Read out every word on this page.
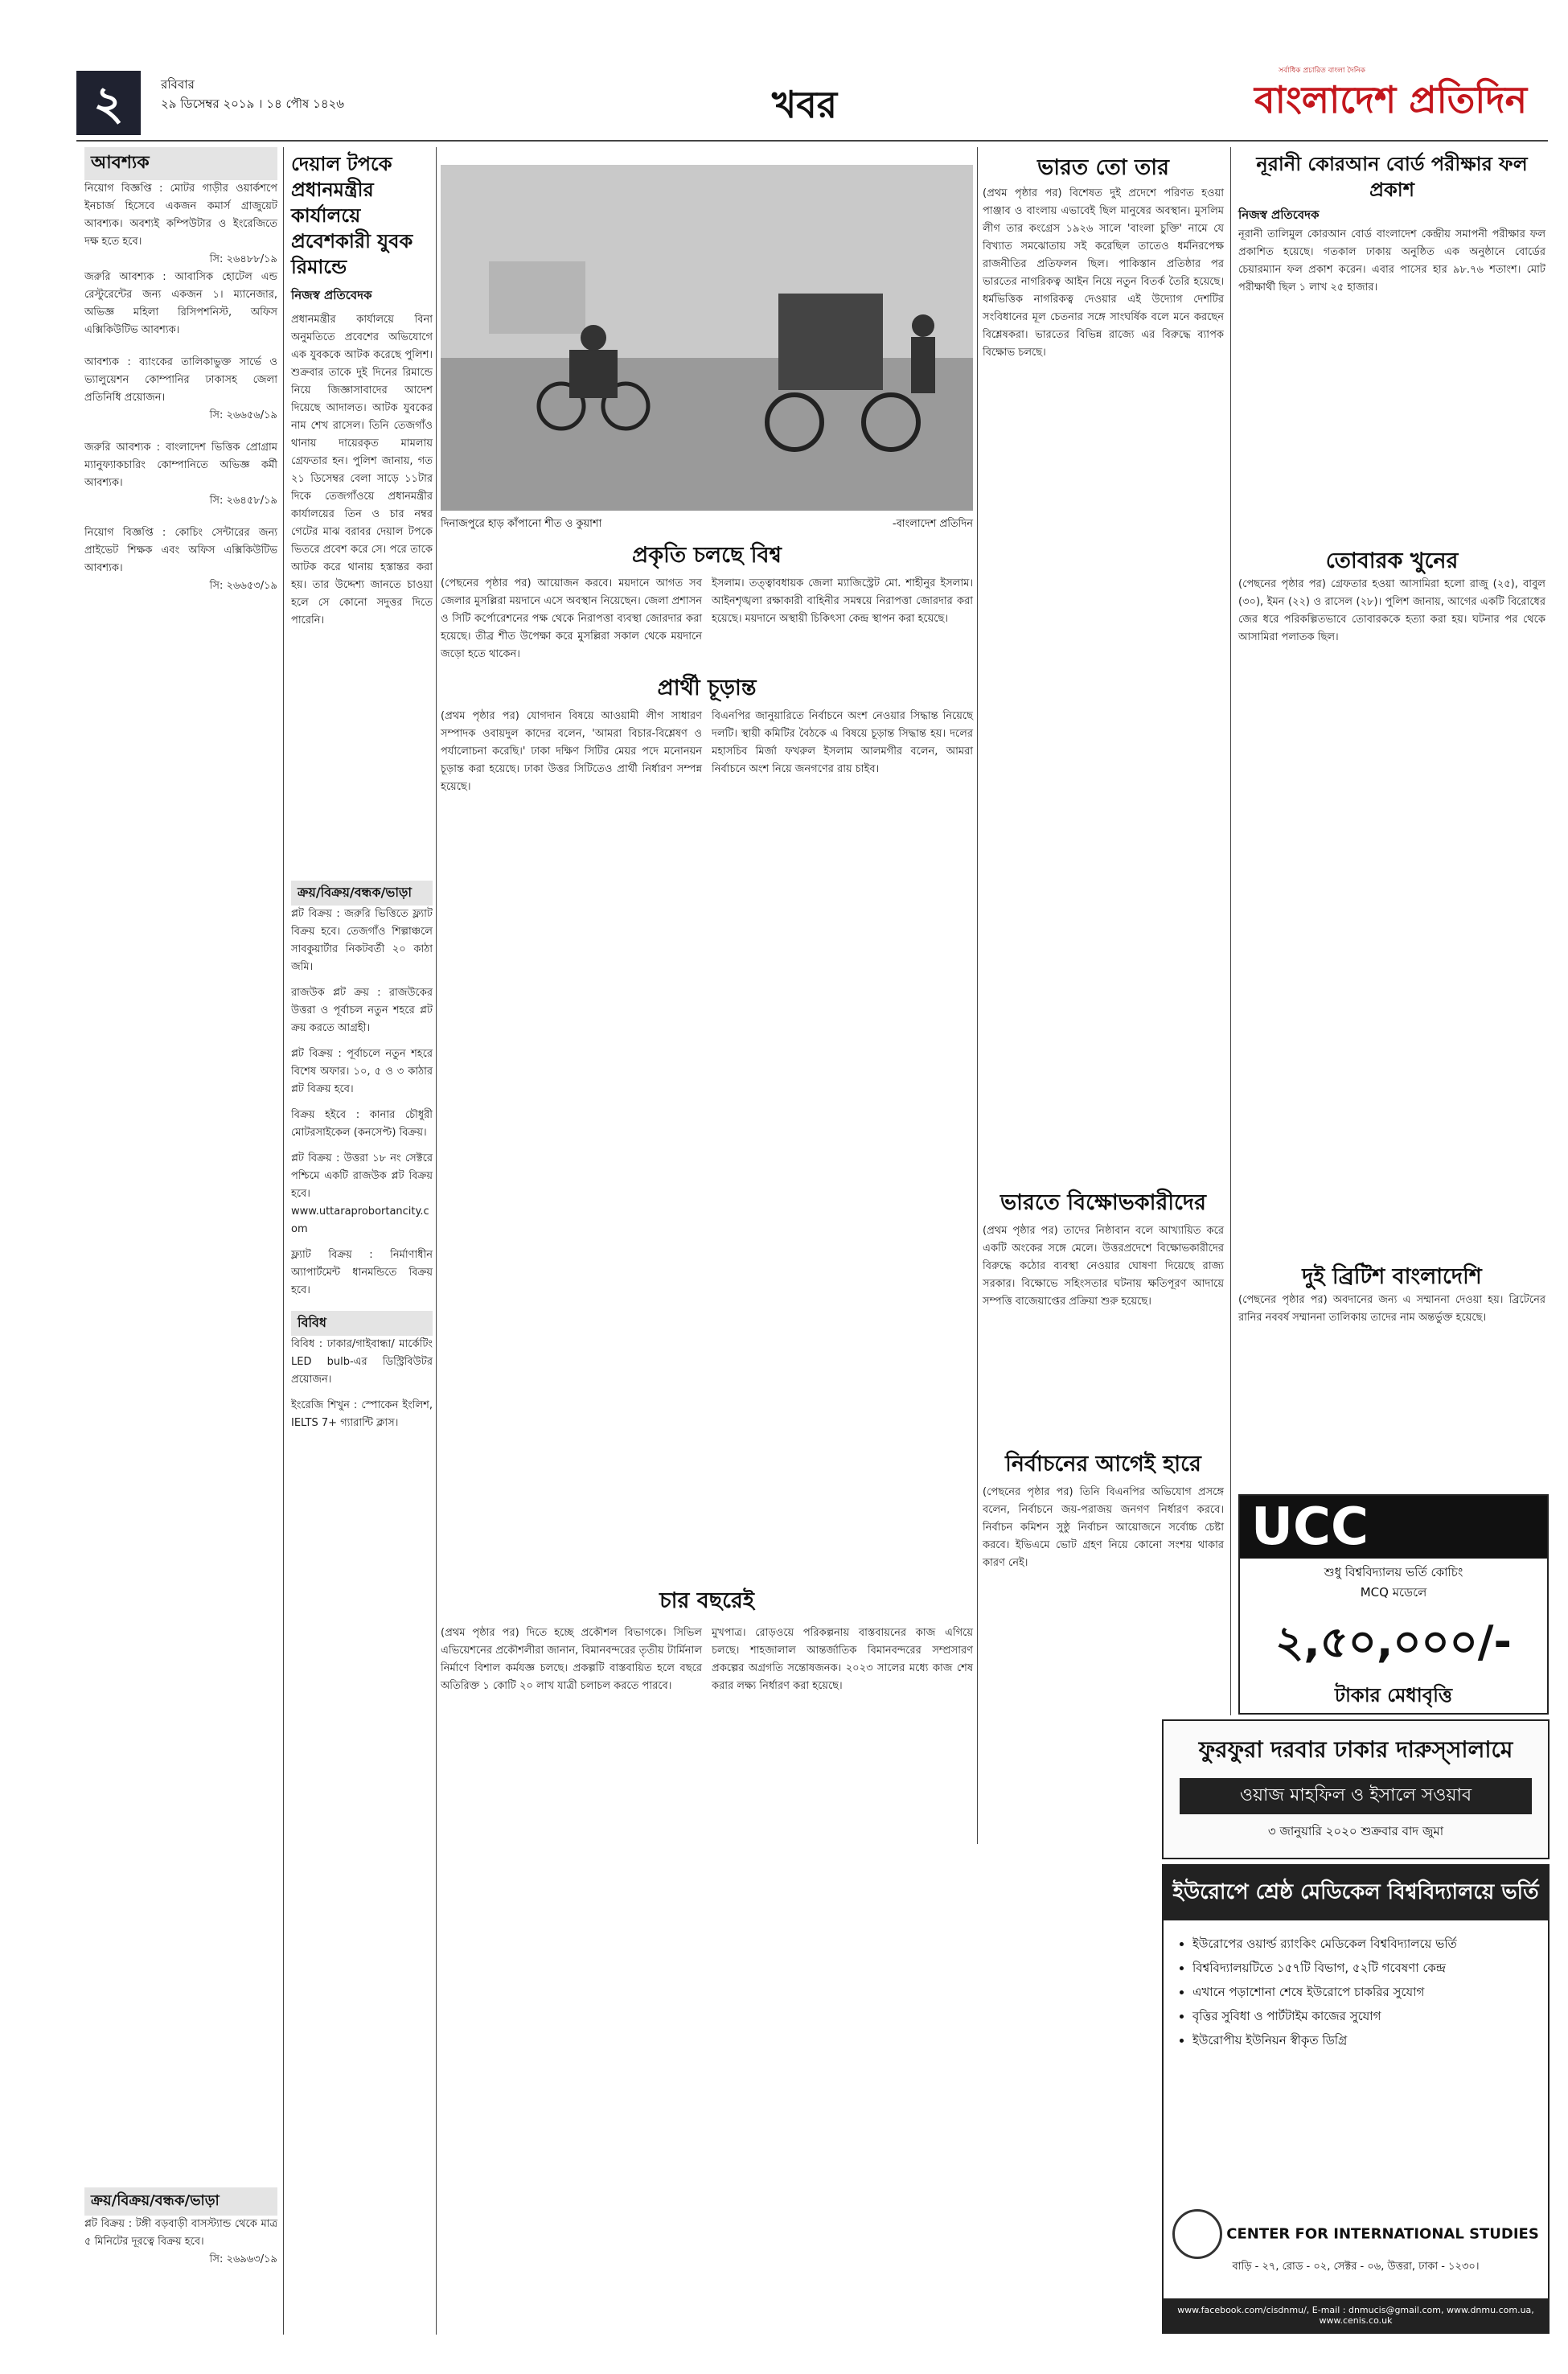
২	রবিবার
২৯ ডিসেম্বর ২০১৯ । ১৪ পৌষ ১৪২৬	খবর
সর্বাধিক প্রচারিত বাংলা দৈনিক
বাংলাদেশ প্রতিদিন
আবশ্যক

নিয়োগ বিজ্ঞপ্তি : মোটর গাড়ীর ওয়ার্কশপে ইনচার্জ হিসেবে একজন কমার্স গ্রাজুয়েট আবশ্যক। অবশ্যই কম্পিউটার ও ইংরেজিতে দক্ষ হতে হবে।

সি: ২৬৪৮৮/১৯
জরুরি আবশ্যক : আবাসিক হোটেল এন্ড রেস্টুরেন্টের জন্য একজন ১। ম্যানেজার, অভিজ্ঞ মহিলা রিসিপশনিস্ট, অফিস এক্সিকিউটিভ আবশ্যক।
আবশ্যক : ব্যাংকের তালিকাভুক্ত সার্ভে ও ভ্যালুয়েশন কোম্পানির ঢাকাসহ জেলা প্রতিনিধি প্রয়োজন।
সি: ২৬৬৫৬/১৯
জরুরি আবশ্যক : বাংলাদেশ ভিত্তিক প্রোগ্রাম ম্যানুফ্যাকচারিং কোম্পানিতে অভিজ্ঞ কর্মী আবশ্যক।
সি: ২৬৪৫৮/১৯
নিয়োগ বিজ্ঞপ্তি : কোচিং সেন্টারের জন্য প্রাইভেট শিক্ষক এবং অফিস এক্সিকিউটিভ আবশ্যক।
সি: ২৬৬৫৩/১৯
ক্রয়/বিক্রয়/বন্ধক/ভাড়া
প্লট বিক্রয় : টঙ্গী বড়বাড়ী বাসস্ট্যান্ড থেকে মাত্র ৫ মিনিটের দূরত্বে বিক্রয় হবে।
সি: ২৬৯৬৩/১৯
দেয়াল টপকে প্রধানমন্ত্রীর কার্যালয়ে প্রবেশকারী যুবক রিমান্ডে
নিজস্ব প্রতিবেদক
প্রধানমন্ত্রীর কার্যালয়ে বিনা অনুমতিতে প্রবেশের অভিযোগে এক যুবককে আটক করেছে পুলিশ। শুক্রবার তাকে দুই দিনের রিমান্ডে নিয়ে জিজ্ঞাসাবাদের আদেশ দিয়েছে আদালত। আটক যুবকের নাম শেখ রাসেল। তিনি তেজগাঁও থানায় দায়েরকৃত মামলায় গ্রেফতার হন। পুলিশ জানায়, গত ২১ ডিসেম্বর বেলা সাড়ে ১১টার দিকে তেজগাঁওয়ে প্রধানমন্ত্রীর কার্যালয়ের তিন ও চার নম্বর গেটের মাঝ বরাবর দেয়াল টপকে ভিতরে প্রবেশ করে সে। পরে তাকে আটক করে থানায় হস্তান্তর করা হয়। তার উদ্দেশ্য জানতে চাওয়া হলে সে কোনো সদুত্তর দিতে পারেনি।
ক্রয়/বিক্রয়/বন্ধক/ভাড়া
প্লট বিক্রয় : জরুরি ভিত্তিতে ফ্ল্যাট বিক্রয় হবে। তেজগাঁও শিল্পাঞ্চলে সাবকুয়ার্টার নিকটবর্তী ২০ কাঠা জমি।
রাজউক প্লট ক্রয় : রাজউকের উত্তরা ও পূর্বাচল নতুন শহরে প্লট ক্রয় করতে আগ্রহী।
প্লট বিক্রয় : পূর্বাচলে নতুন শহরে বিশেষ অফার। ১০, ৫ ও ৩ কাঠার প্লট বিক্রয় হবে।
বিক্রয় হইবে : কানার চৌধুরী মোটরসাইকেল (কনসেপ্ট) বিক্রয়।
প্লট বিক্রয় : উত্তরা ১৮ নং সেক্টরে পশ্চিমে একটি রাজউক প্লট বিক্রয় হবে।
www.uttaraprobortancity.com
ফ্ল্যাট বিক্রয় : নির্মাণাধীন অ্যাপার্টমেন্ট ধানমন্ডিতে বিক্রয় হবে।
বিবিধ
বিবিধ : ঢাকার/গাইবান্ধা/ মার্কেটিং LED bulb-এর ডিস্ট্রিবিউটর প্রয়োজন।
ইংরেজি শিখুন : স্পোকেন ইংলিশ, IELTS 7+ গ্যারান্টি ক্লাস।
দিনাজপুরে হাড় কাঁপানো শীত ও কুয়াশা	-বাংলাদেশ প্রতিদিন
প্রকৃতি চলছে বিশ্ব
(পেছনের পৃষ্ঠার পর) আয়োজন করবে। ময়দানে আগত সব জেলার মুসল্লিরা ময়দানে এসে অবস্থান নিয়েছেন। জেলা প্রশাসন ও সিটি কর্পোরেশনের পক্ষ থেকে নিরাপত্তা ব্যবস্থা জোরদার করা হয়েছে। তীব্র শীত উপেক্ষা করে মুসল্লিরা সকাল থেকে ময়দানে জড়ো হতে থাকেন।
ইসলাম। তত্ত্বাবধায়ক জেলা ম্যাজিস্ট্রেট মো. শাহীনুর ইসলাম। আইনশৃঙ্খলা রক্ষাকারী বাহিনীর সমন্বয়ে নিরাপত্তা জোরদার করা হয়েছে। ময়দানে অস্থায়ী চিকিৎসা কেন্দ্র স্থাপন করা হয়েছে।
প্রার্থী চূড়ান্ত
(প্রথম পৃষ্ঠার পর) যোগদান বিষয়ে আওয়ামী লীগ সাধারণ সম্পাদক ওবায়দুল কাদের বলেন, 'আমরা বিচার-বিশ্লেষণ ও পর্যালোচনা করেছি।' ঢাকা দক্ষিণ সিটির মেয়র পদে মনোনয়ন চূড়ান্ত করা হয়েছে। ঢাকা উত্তর সিটিতেও প্রার্থী নির্ধারণ সম্পন্ন হয়েছে।
বিএনপির জানুয়ারিতে নির্বাচনে অংশ নেওয়ার সিদ্ধান্ত নিয়েছে দলটি। স্থায়ী কমিটির বৈঠকে এ বিষয়ে চূড়ান্ত সিদ্ধান্ত হয়। দলের মহাসচিব মির্জা ফখরুল ইসলাম আলমগীর বলেন, আমরা নির্বাচনে অংশ নিয়ে জনগণের রায় চাইব।
চার বছরেই
(প্রথম পৃষ্ঠার পর) দিতে হচ্ছে প্রকৌশল বিভাগকে। সিভিল এভিয়েশনের প্রকৌশলীরা জানান, বিমানবন্দরের তৃতীয় টার্মিনাল নির্মাণে বিশাল কর্মযজ্ঞ চলছে। প্রকল্পটি বাস্তবায়িত হলে বছরে অতিরিক্ত ১ কোটি ২০ লাখ যাত্রী চলাচল করতে পারবে।
মুখপাত্র। রোড়ওয়ে পরিকল্পনায় বাস্তবায়নের কাজ এগিয়ে চলছে। শাহজালাল আন্তর্জাতিক বিমানবন্দরের সম্প্রসারণ প্রকল্পের অগ্রগতি সন্তোষজনক। ২০২৩ সালের মধ্যে কাজ শেষ করার লক্ষ্য নির্ধারণ করা হয়েছে।
ভারত তো তার
(প্রথম পৃষ্ঠার পর) বিশেষত দুই প্রদেশে পরিণত হওয়া পাঞ্জাব ও বাংলায় এভাবেই ছিল মানুষের অবস্থান। মুসলিম লীগ তার কংগ্রেস ১৯২৬ সালে 'বাংলা চুক্তি' নামে যে বিখ্যাত সমঝোতায় সই করেছিল তাতেও ধর্মনিরপেক্ষ রাজনীতির প্রতিফলন ছিল। পাকিস্তান প্রতিষ্ঠার পর ভারতের নাগরিকত্ব আইন নিয়ে নতুন বিতর্ক তৈরি হয়েছে। ধর্মভিত্তিক নাগরিকত্ব দেওয়ার এই উদ্যোগ দেশটির সংবিধানের মূল চেতনার সঙ্গে সাংঘর্ষিক বলে মনে করছেন বিশ্লেষকরা। ভারতের বিভিন্ন রাজ্যে এর বিরুদ্ধে ব্যাপক বিক্ষোভ চলছে।
ভারতে বিক্ষোভকারীদের
(প্রথম পৃষ্ঠার পর) তাদের নিষ্ঠাবান বলে আখ্যায়িত করে একটি অংকের সঙ্গে মেলে। উত্তরপ্রদেশে বিক্ষোভকারীদের বিরুদ্ধে কঠোর ব্যবস্থা নেওয়ার ঘোষণা দিয়েছে রাজ্য সরকার। বিক্ষোভে সহিংসতার ঘটনায় ক্ষতিপূরণ আদায়ে সম্পত্তি বাজেয়াপ্তের প্রক্রিয়া শুরু হয়েছে।
নির্বাচনের আগেই হারে
(পেছনের পৃষ্ঠার পর) তিনি বিএনপির অভিযোগ প্রসঙ্গে বলেন, নির্বাচনে জয়-পরাজয় জনগণ নির্ধারণ করবে। নির্বাচন কমিশন সুষ্ঠু নির্বাচন আয়োজনে সর্বোচ্চ চেষ্টা করবে। ইভিএমে ভোট গ্রহণ নিয়ে কোনো সংশয় থাকার কারণ নেই।
নূরানী কোরআন বোর্ড পরীক্ষার ফল প্রকাশ
নিজস্ব প্রতিবেদক
নূরানী তালিমুল কোরআন বোর্ড বাংলাদেশ কেন্দ্রীয় সমাপনী পরীক্ষার ফল প্রকাশিত হয়েছে। গতকাল ঢাকায় অনুষ্ঠিত এক অনুষ্ঠানে বোর্ডের চেয়ারম্যান ফল প্রকাশ করেন। এবার পাসের হার ৯৮.৭৬ শতাংশ। মোট পরীক্ষার্থী ছিল ১ লাখ ২৫ হাজার।
তোবারক খুনের
(পেছনের পৃষ্ঠার পর) গ্রেফতার হওয়া আসামিরা হলো রাজু (২৫), বাবুল (৩০), ইমন (২২) ও রাসেল (২৮)। পুলিশ জানায়, আগের একটি বিরোধের জের ধরে পরিকল্পিতভাবে তোবারককে হত্যা করা হয়। ঘটনার পর থেকে আসামিরা পলাতক ছিল।
দুই ব্রিটিশ বাংলাদেশি
(পেছনের পৃষ্ঠার পর) অবদানের জন্য এ সম্মাননা দেওয়া হয়। ব্রিটেনের রানির নববর্ষ সম্মাননা তালিকায় তাদের নাম অন্তর্ভুক্ত হয়েছে।
UCC
শুধু বিশ্ববিদ্যালয় ভর্তি কোচিং
MCQ মডেলে
২,৫০,০০০/-
টাকার মেধাবৃত্তি
ফুরফুরা দরবার ঢাকার দারুস্সালামে
ওয়াজ মাহফিল ও ইসালে সওয়াব
৩ জানুয়ারি ২০২০ শুক্রবার বাদ জুমা
ইউরোপে শ্রেষ্ঠ মেডিকেল বিশ্ববিদ্যালয়ে ভর্তি
• ইউরোপের ওয়ার্ল্ড র‍্যাংকিং মেডিকেল বিশ্ববিদ্যালয়ে ভর্তি
• বিশ্ববিদ্যালয়টিতে ১৫৭টি বিভাগ, ৫২টি গবেষণা কেন্দ্র
• এখানে পড়াশোনা শেষে ইউরোপে চাকরির সুযোগ
• বৃত্তির সুবিধা ও পার্টটাইম কাজের সুযোগ
• ইউরোপীয় ইউনিয়ন স্বীকৃত ডিগ্রি
CENTER FOR INTERNATIONAL STUDIES
বাড়ি - ২৭, রোড - ০২, সেক্টর - ০৬, উত্তরা, ঢাকা - ১২৩০।
www.facebook.com/cisdnmu/, E-mail : dnmucis@gmail.com, www.dnmu.com.ua, www.cenis.co.uk
